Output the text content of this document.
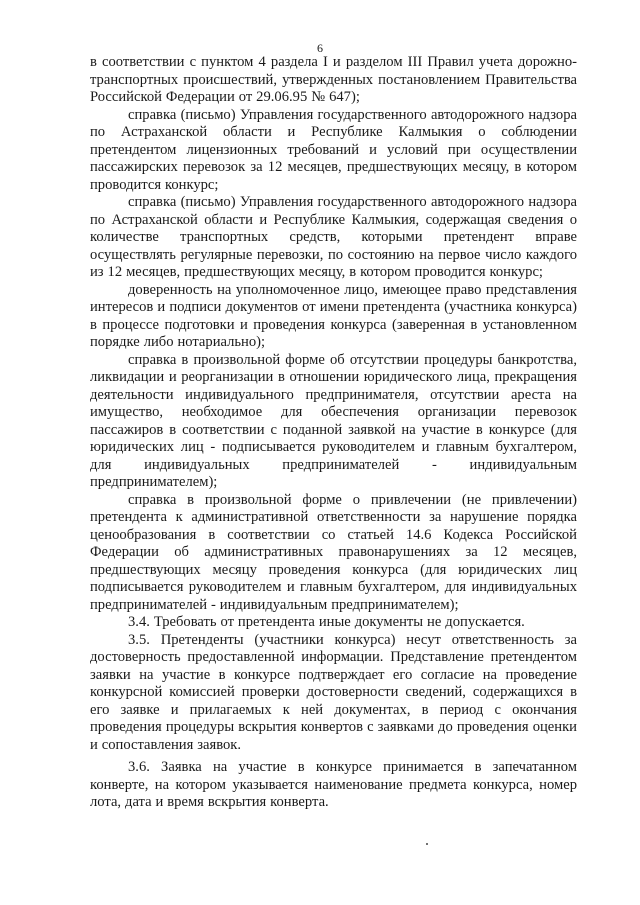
6

в соответствии с пунктом 4 раздела I и разделом III Правил учета дорожно-транспортных происшествий, утвержденных постановлением Правительства Российской Федерации от 29.06.95 № 647);

справка (письмо) Управления государственного автодорожного надзора по Астраханской области и Республике Калмыкия о соблюдении претендентом лицензионных требований и условий при осуществлении пассажирских перевозок за 12 месяцев, предшествующих месяцу, в котором проводится конкурс;

справка (письмо) Управления государственного автодорожного надзора по Астраханской области и Республике Калмыкия, содержащая сведения о количестве транспортных средств, которыми претендент вправе осуществлять регулярные перевозки, по состоянию на первое число каждого из 12 месяцев, предшествующих месяцу, в котором проводится конкурс;

доверенность на уполномоченное лицо, имеющее право представления интересов и подписи документов от имени претендента (участника конкурса) в процессе подготовки и проведения конкурса (заверенная в установленном порядке либо нотариально);

справка в произвольной форме об отсутствии процедуры банкротства, ликвидации и реорганизации в отношении юридического лица, прекращения деятельности индивидуального предпринимателя, отсутствии ареста на имущество, необходимое для обеспечения организации перевозок пассажиров в соответствии с поданной заявкой на участие в конкурсе (для юридических лиц - подписывается руководителем и главным бухгалтером, для индивидуальных предпринимателей - индивидуальным предпринимателем);

справка в произвольной форме о привлечении (не привлечении) претендента к административной ответственности за нарушение порядка ценообразования в соответствии со статьей 14.6 Кодекса Российской Федерации об административных правонарушениях за 12 месяцев, предшествующих месяцу проведения конкурса (для юридических лиц подписывается руководителем и главным бухгалтером, для индивидуальных предпринимателей - индивидуальным предпринимателем);

3.4. Требовать от претендента иные документы не допускается.

3.5. Претенденты (участники конкурса) несут ответственность за достоверность предоставленной информации. Представление претендентом заявки на участие в конкурсе подтверждает его согласие на проведение конкурсной комиссией проверки достоверности сведений, содержащихся в его заявке и прилагаемых к ней документах, в период с окончания проведения процедуры вскрытия конвертов с заявками до проведения оценки и сопоставления заявок.

3.6. Заявка на участие в конкурсе принимается в запечатанном конверте, на котором указывается наименование предмета конкурса, номер лота, дата и время вскрытия конверта.
